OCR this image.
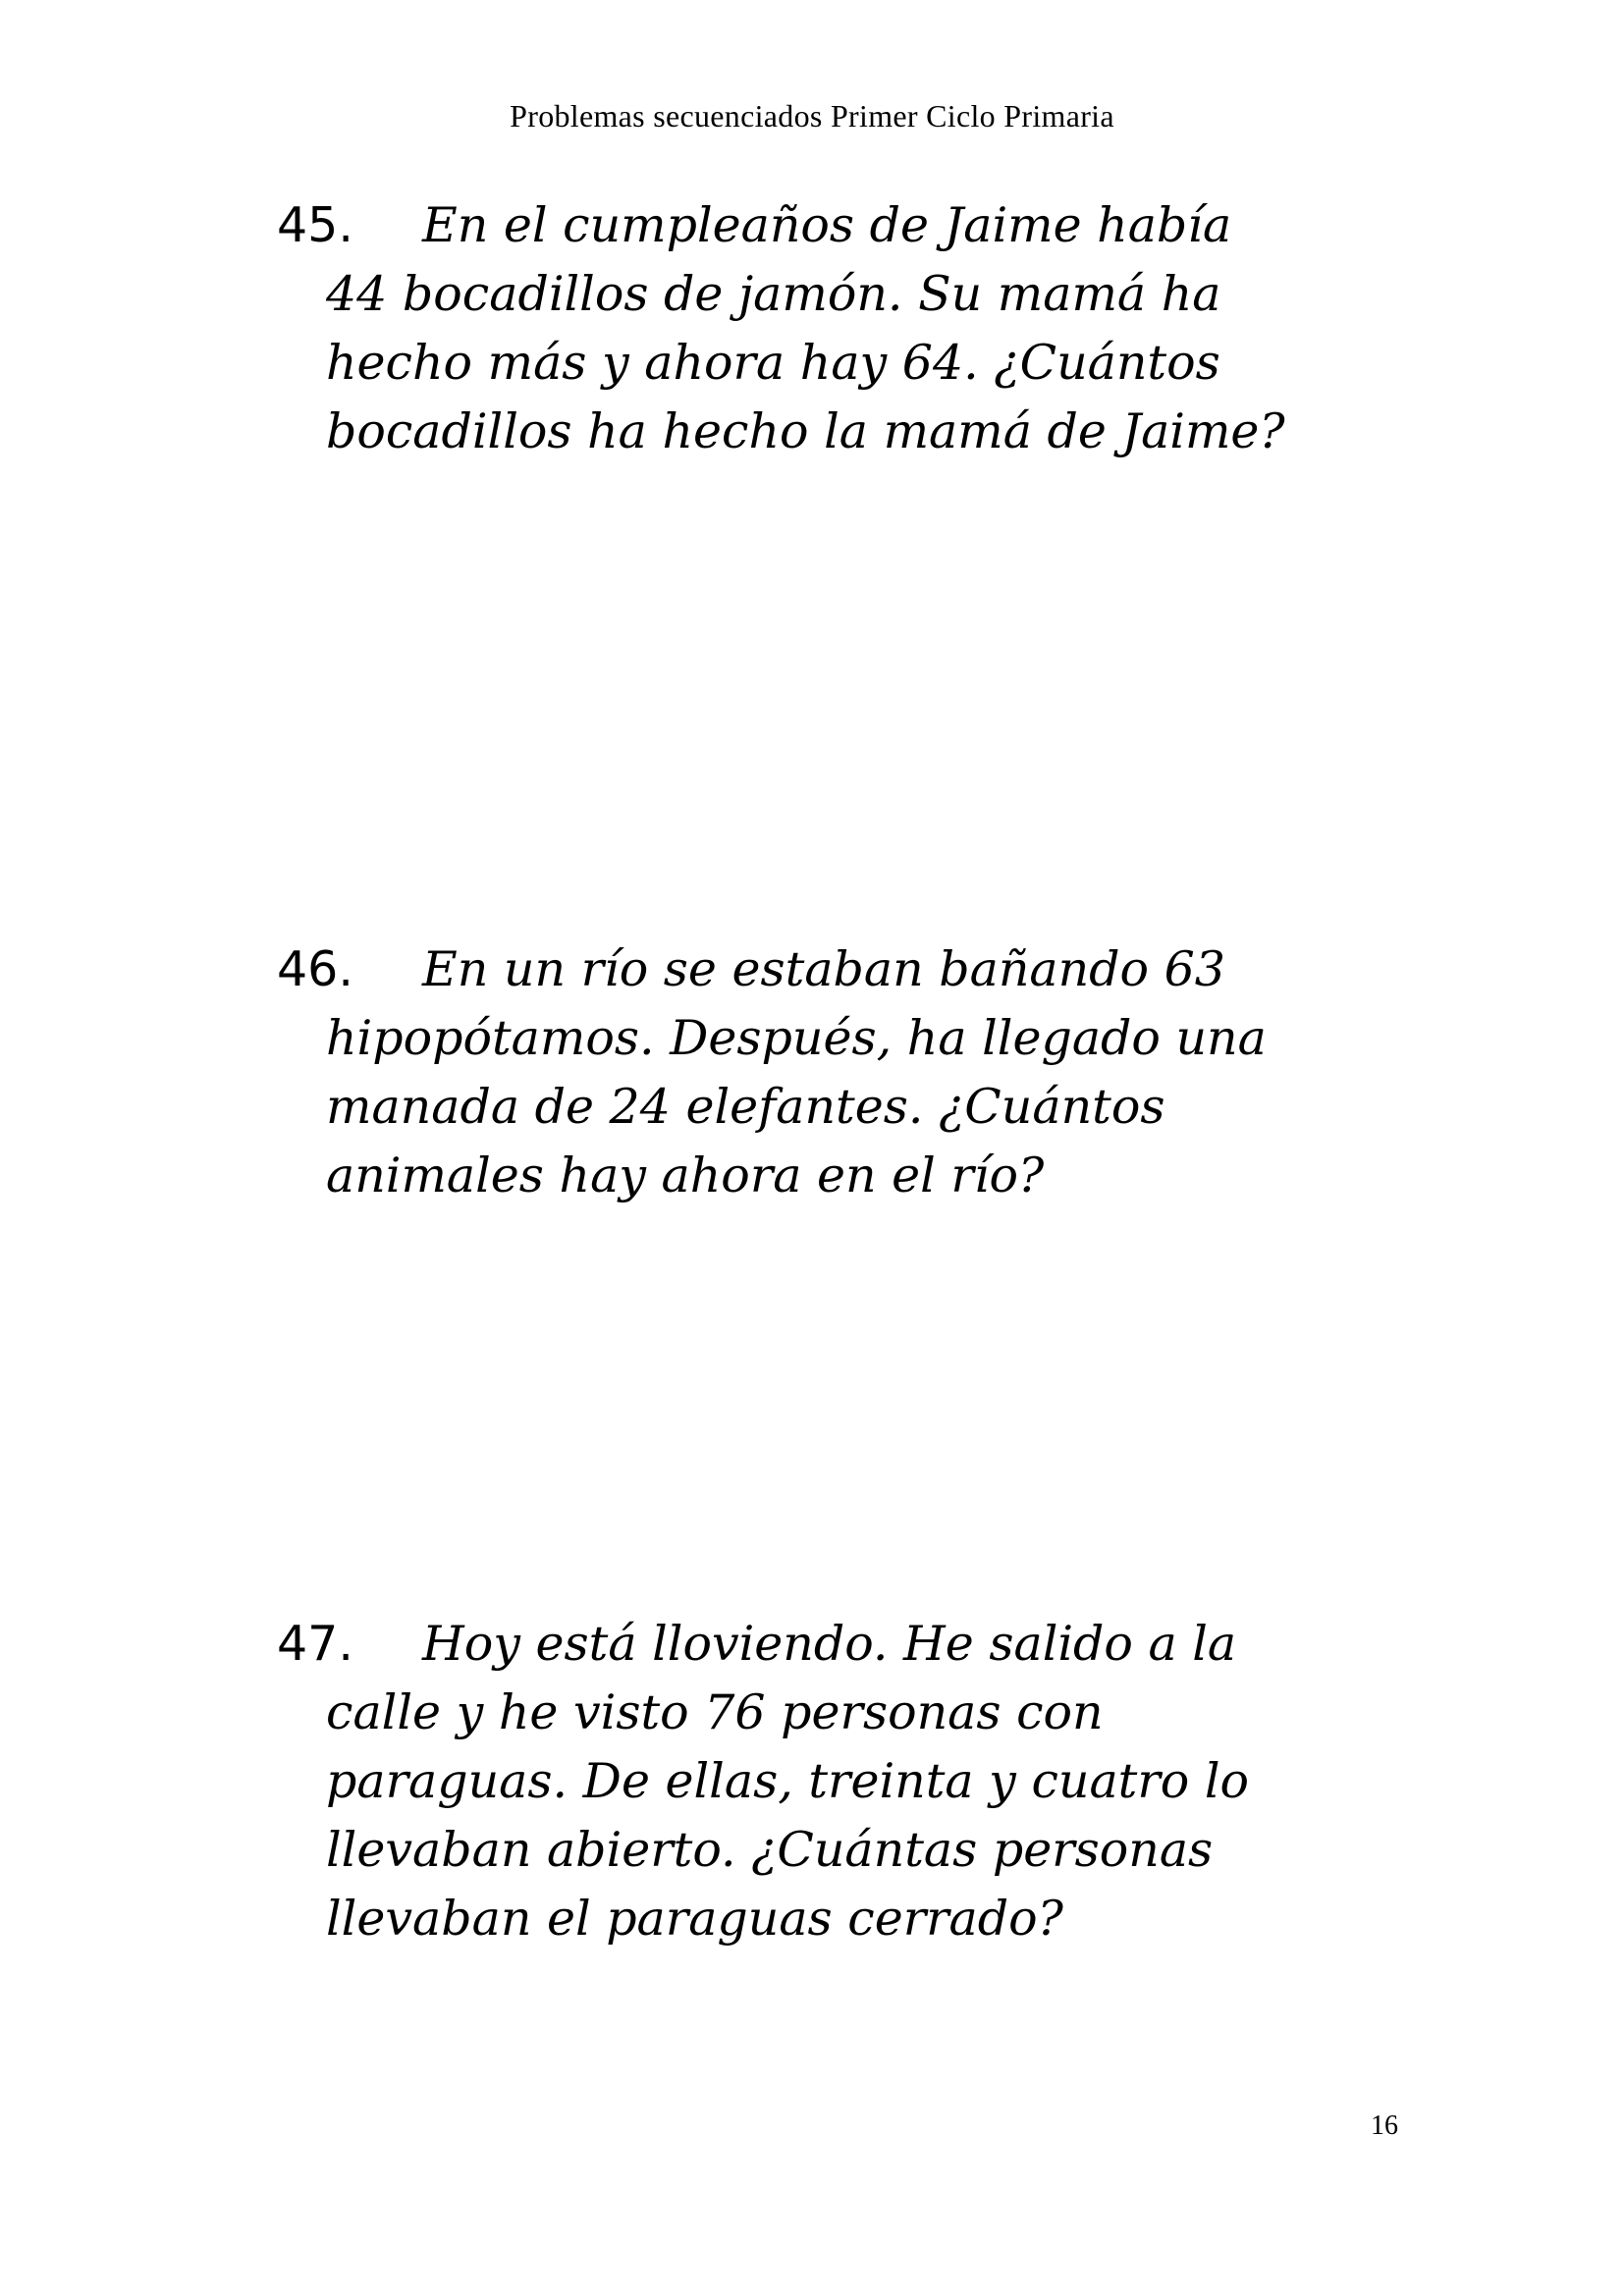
Problemas secuenciados Primer Ciclo Primaria
45. En el cumpleaños de Jaime había
44 bocadillos de jamón. Su mamá ha
hecho más y ahora hay 64. ¿Cuántos
bocadillos ha hecho la mamá de Jaime?
46. En un río se estaban bañando 63
hipopótamos. Después, ha llegado una
manada de 24 elefantes. ¿Cuántos
animales hay ahora en el río?
47. Hoy está lloviendo. He salido a la
calle y he visto 76 personas con
paraguas. De ellas, treinta y cuatro lo
llevaban abierto. ¿Cuántas personas
llevaban el paraguas cerrado?
16
